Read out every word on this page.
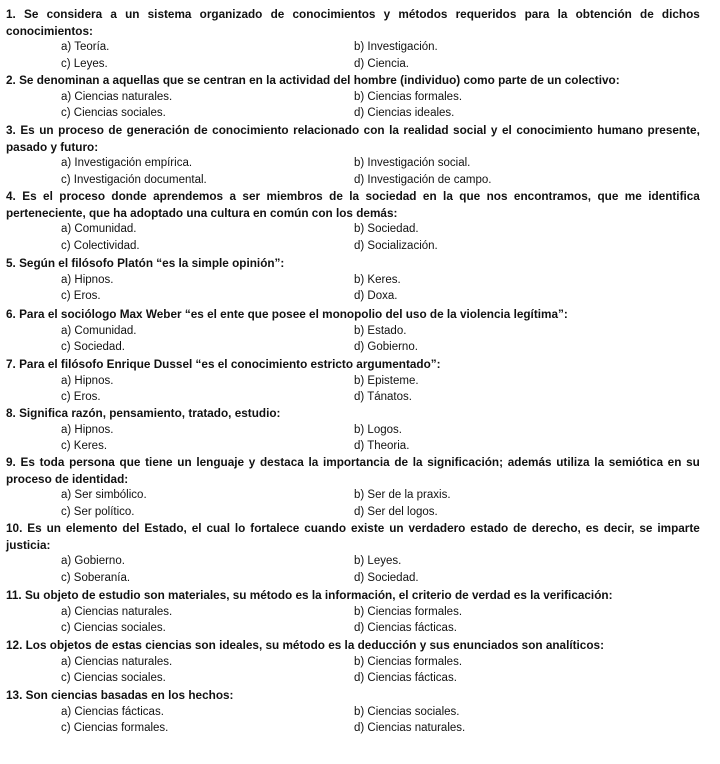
1. Se considera a un sistema organizado de conocimientos y métodos requeridos para la obtención de dichos conocimientos:
a) Teoría.	b) Investigación.
c) Leyes.	d) Ciencia.
2. Se denominan a aquellas que se centran en la actividad del hombre (individuo) como parte de un colectivo:
a) Ciencias naturales.	b) Ciencias formales.
c) Ciencias sociales.	d) Ciencias ideales.
3. Es un proceso de generación de conocimiento relacionado con la realidad social y el conocimiento humano presente, pasado y futuro:
a) Investigación empírica.	b) Investigación social.
c) Investigación documental.	d) Investigación de campo.
4. Es el proceso donde aprendemos a ser miembros de la sociedad en la que nos encontramos, que me identifica perteneciente, que ha adoptado una cultura en común con los demás:
a) Comunidad.	b) Sociedad.
c) Colectividad.	d) Socialización.
5. Según el filósofo Platón “es la simple opinión”:
a) Hipnos.	b) Keres.
c) Eros.	d) Doxa.
6. Para el sociólogo Max Weber “es el ente que posee el monopolio del uso de la violencia legítima”:
a) Comunidad.	b) Estado.
c) Sociedad.	d) Gobierno.
7. Para el filósofo Enrique Dussel “es el conocimiento estricto argumentado”:
a) Hipnos.	b) Episteme.
c) Eros.	d) Tánatos.
8. Significa razón, pensamiento, tratado, estudio:
a) Hipnos.	b) Logos.
c) Keres.	d) Theoria.
9. Es toda persona que tiene un lenguaje y destaca la importancia de la significación; además utiliza la semiótica en su proceso de identidad:
a) Ser simbólico.	b) Ser de la praxis.
c) Ser político.	d) Ser del logos.
10. Es un elemento del Estado, el cual lo fortalece cuando existe un verdadero estado de derecho, es decir, se imparte justicia:
a) Gobierno.	b) Leyes.
c) Soberanía.	d) Sociedad.
11. Su objeto de estudio son materiales, su método es la información, el criterio de verdad es la verificación:
a) Ciencias naturales.	b) Ciencias formales.
c) Ciencias sociales.	d) Ciencias fácticas.
12. Los objetos de estas ciencias son ideales, su método es la deducción y sus enunciados son analíticos:
a) Ciencias naturales.	b) Ciencias formales.
c) Ciencias sociales.	d) Ciencias fácticas.
13. Son ciencias basadas en los hechos:
a) Ciencias fácticas.	b) Ciencias sociales.
c) Ciencias formales.	d) Ciencias naturales.
